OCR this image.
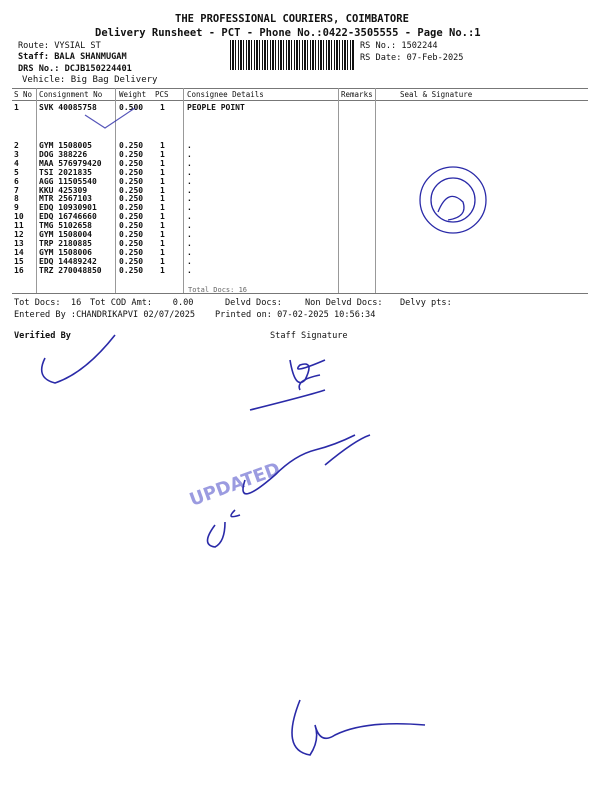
THE PROFESSIONAL COURIERS, COIMBATORE
Delivery Runsheet - PCT - Phone No.:0422-3505555 - Page No.:1
Route: VYSIAL ST
Staff: BALA SHANMUGAM
DRS No.: DCJB150224401
Vehicle: Big Bag Delivery
RS No.: 1502244
RS Date: 07-Feb-2025
S No Consignment No Weight PCS Consignee Details	Remarks	Seal & Signature
1	SVK 40085758	0.500 1	PEOPLE POINT
2	GYM 1508005	0.250 1	.
3	DOG 388226	0.250 1	.
4	MAA 576979420 0.250 1	.
5	TSI 2021835	0.250 1	.
6	AGG 11505540	0.250 1	.
7	KKU 425309	0.250 1	.
8	MTR 2567103	0.250 1	.
9	EDQ 10930901	0.250 1	.
10 EDQ 16746660	0.250 1	.
11 TMG 5102658	0.250 1	.
12 GYM 1508004	0.250 1	.
13 TRP 2180885	0.250 1	.
14 GYM 1508006	0.250 1	.
15 EDQ 14489242	0.250 1	.
16 TRZ 270048850 0.250 1	.
Total Docs: 16
Tot Docs:  16 Tot COD Amt:    0.00	Delvd Docs:	Non Delvd Docs: Delvy pts:
Entered By :CHANDRIKAPVI 02/07/2025 Printed on: 07-02-2025 10:56:34
Verified By	Staff Signature
UPDATED
